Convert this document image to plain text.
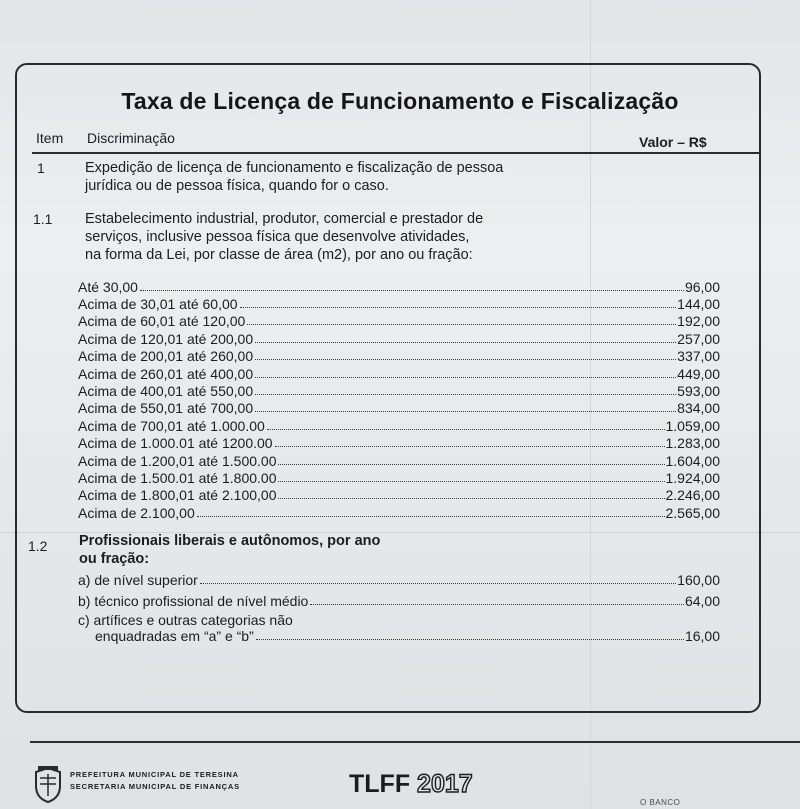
Taxa de Licença de Funcionamento e Fiscalização
Item Discriminação	Valor – R$
1	Expedição de licença de funcionamento e fiscalização de pessoa
jurídica ou de pessoa física, quando for o caso.
1.1 Estabelecimento industrial, produtor, comercial e prestador de
serviços, inclusive pessoa física que desenvolve atividades,
na forma da Lei, por classe de área (m2), por ano ou fração:
Até 30,00	96,00
Acima de 30,01 até 60,00	144,00
Acima de 60,01 até 120,00	192,00
Acima de 120,01 até 200,00	257,00
Acima de 200,01 até 260,00	337,00
Acima de 260,01 até 400,00	449,00
Acima de 400,01 até 550,00	593,00
Acima de 550,01 até 700,00	834,00
Acima de 700,01 até 1.000.00	1.059,00
Acima de 1.000.01 até 1200.00	1.283,00
Acima de 1.200,01 até 1.500.00	1.604,00
Acima de 1.500.01 até 1.800.00	1.924,00
Acima de 1.800,01 até 2.100,00	2.246,00
Acima de 2.100,00	2.565,00
1.2 Profissionais liberais e autônomos, por ano
ou fração:
a) de nível superior	160,00
b) técnico profissional de nível médio	64,00
c) artífices e outras categorias não
enquadradas em “a” e “b”	16,00
PREFEITURA MUNICIPAL DE TERESINA
SECRETARIA MUNICIPAL DE FINANÇAS	TLFF 2017
O BANCO
